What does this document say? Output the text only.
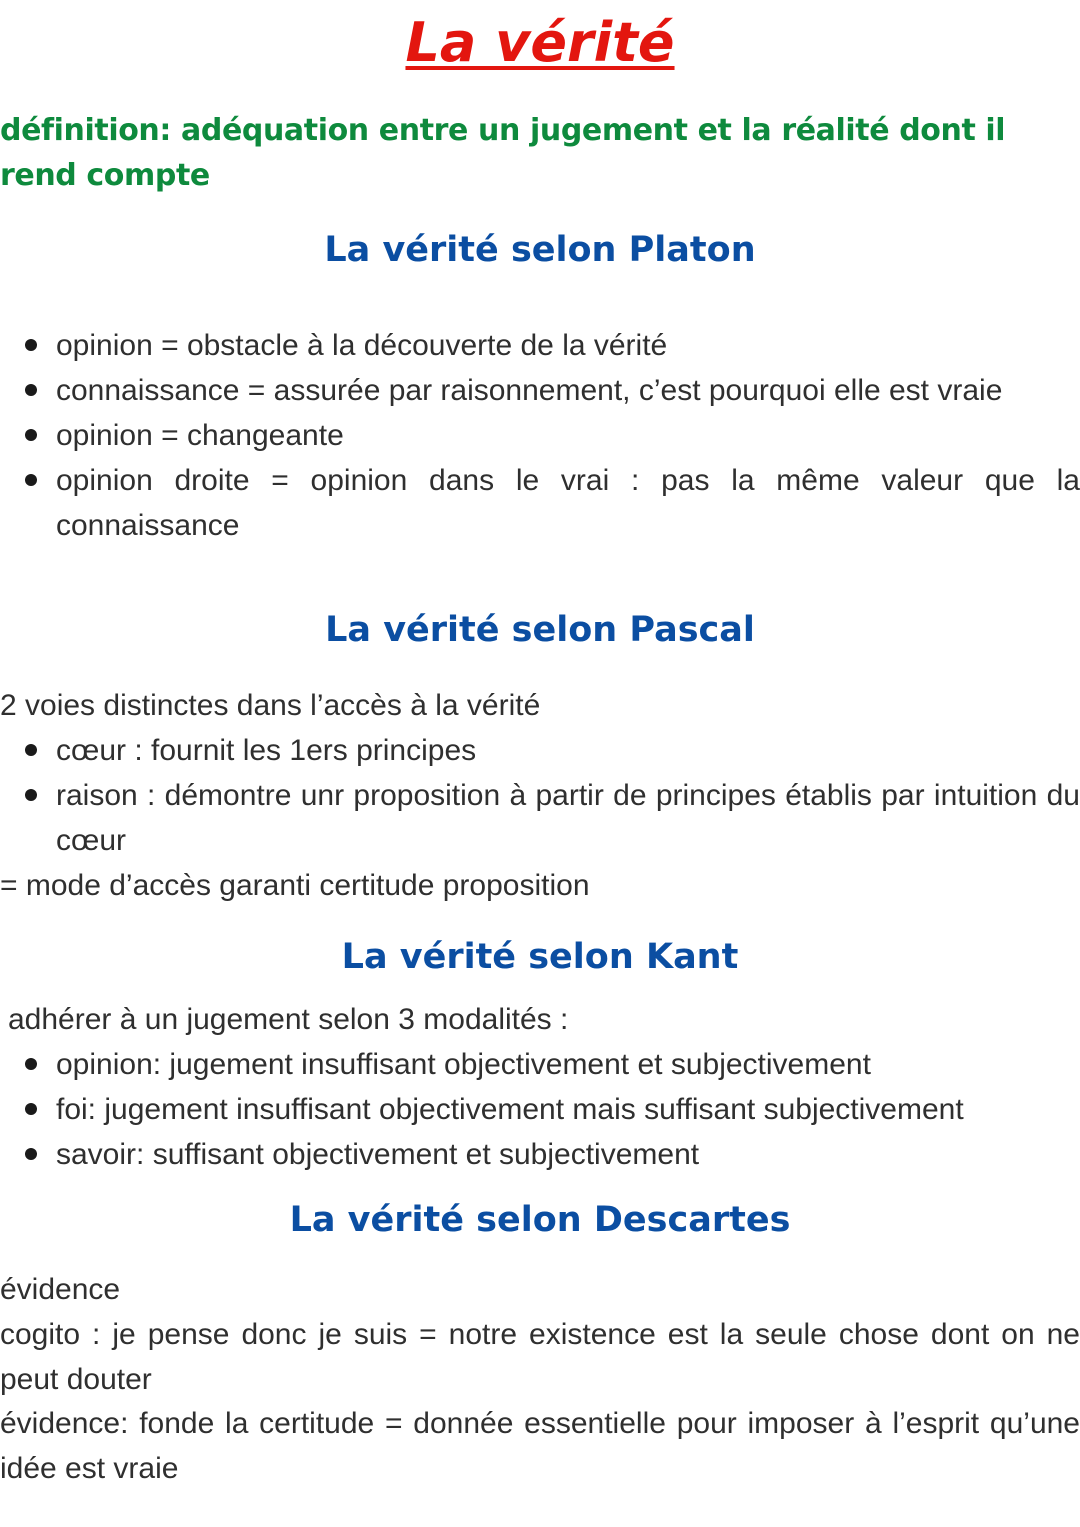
La vérité

définition: adéquation entre un jugement et la réalité dont il rend compte

La vérité selon Platon
opinion = obstacle à la découverte de la vérité
connaissance = assurée par raisonnement, c’est pourquoi elle est vraie
opinion = changeante
opinion droite = opinion dans le vrai : pas la même valeur que la connaissance
La vérité selon Pascal

2 voies distinctes dans l’accès à la vérité

cœur : fournit les 1ers principes
raison : démontre unr proposition à partir de principes établis par intuition du cœur

= mode d’accès garanti certitude proposition

La vérité selon Kant

adhérer à un jugement selon 3 modalités :

opinion: jugement insuffisant objectivement et subjectivement
foi: jugement insuffisant objectivement mais suffisant subjectivement
savoir: suffisant objectivement et subjectivement
La vérité selon Descartes

évidence

cogito : je pense donc je suis = notre existence est la seule chose dont on ne peut douter

évidence: fonde la certitude = donnée essentielle pour imposer à l’esprit qu’une idée est vraie
